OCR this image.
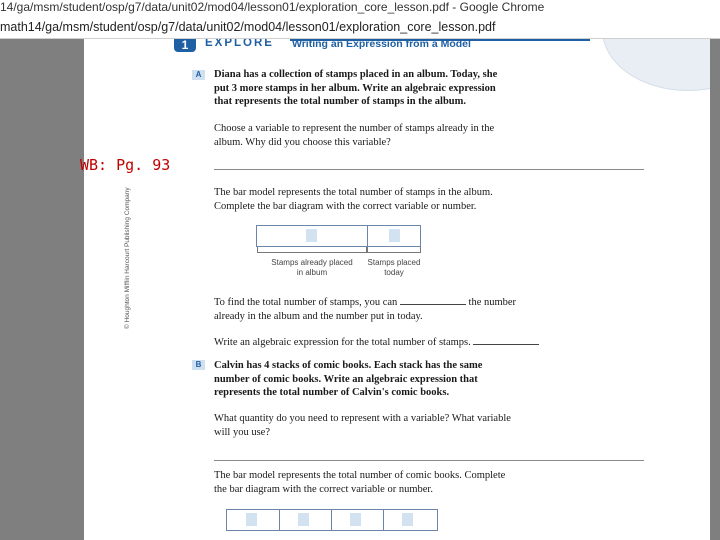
14/ga/msm/student/osp/g7/data/unit02/mod04/lesson01/exploration_core_lesson.pdf - Google Chrome
math14/ga/msm/student/osp/g7/data/unit02/mod04/lesson01/exploration_core_lesson.pdf
1	EXPLORE Writing an Expression from a Model
A	Diana has a collection of stamps placed in an album. Today, she
put 3 more stamps in her album. Write an algebraic expression
that represents the total number of stamps in the album.
Choose a variable to represent the number of stamps already in the
album. Why did you choose this variable?
The bar model represents the total number of stamps in the album.
Complete the bar diagram with the correct variable or number.
Stamps already placed
in album
Stamps placed
today
To find the total number of stamps, you can	the number
already in the album and the number put in today.
Write an algebraic expression for the total number of stamps.
B	Calvin has 4 stacks of comic books. Each stack has the same
number of comic books. Write an algebraic expression that
represents the total number of Calvin's comic books.
What quantity do you need to represent with a variable? What variable
will you use?
The bar model represents the total number of comic books. Complete
the bar diagram with the correct variable or number.
© Houghton Mifflin Harcourt Publishing Company
WB: Pg. 93
